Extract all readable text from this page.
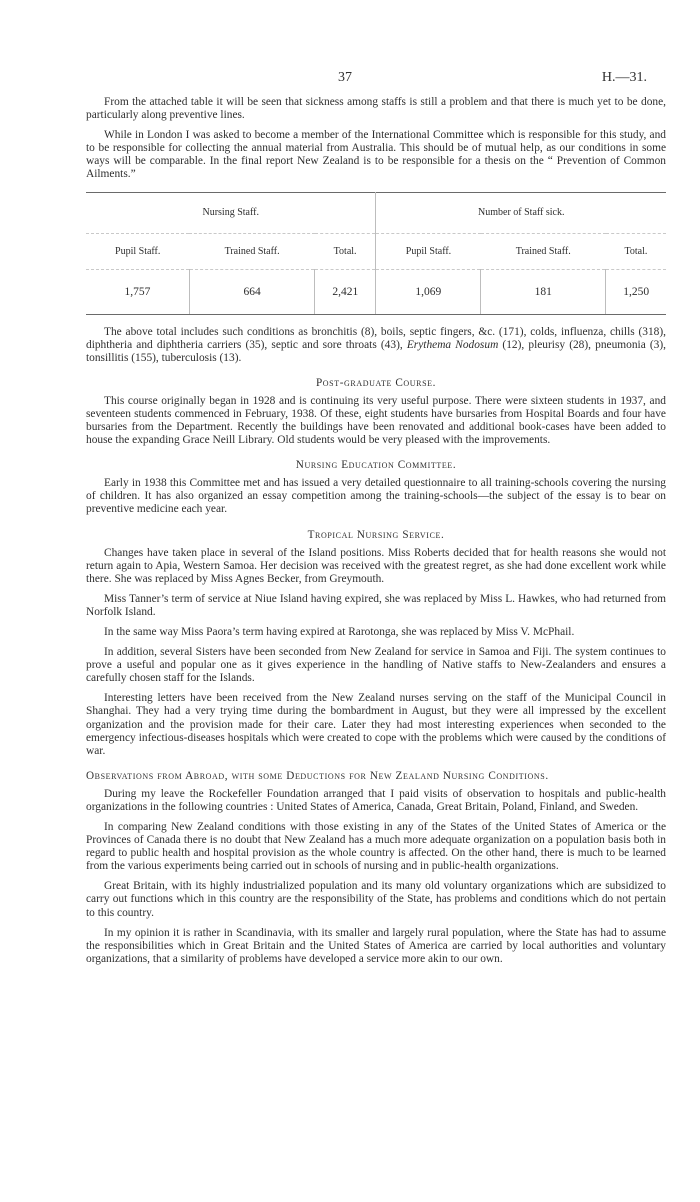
37	H.—31.

From the attached table it will be seen that sickness among staffs is still a problem and that there is much yet to be done, particularly along preventive lines.

While in London I was asked to become a member of the International Committee which is responsible for this study, and to be responsible for collecting the annual material from Australia. This should be of mutual help, as our conditions in some ways will be comparable. In the final report New Zealand is to be responsible for a thesis on the “ Prevention of Common Ailments.”

Nursing Staff.			Number of Staff sick.		
Pupil Staff.	Trained Staff.	Total.	Pupil Staff.	Trained Staff.	Total.
1,757	664	2,421	1,069	181	1,250

The above total includes such conditions as bronchitis (8), boils, septic fingers, &c. (171), colds, influenza, chills (318), diphtheria and diphtheria carriers (35), septic and sore throats (43), Erythema Nodosum (12), pleurisy (28), pneumonia (3), tonsillitis (155), tuberculosis (13).

Post-graduate Course.

This course originally began in 1928 and is continuing its very useful purpose. There were sixteen students in 1937, and seventeen students commenced in February, 1938. Of these, eight students have bursaries from Hospital Boards and four have bursaries from the Department. Recently the buildings have been renovated and additional book-cases have been added to house the expanding Grace Neill Library. Old students would be very pleased with the improvements.

Nursing Education Committee.

Early in 1938 this Committee met and has issued a very detailed questionnaire to all training-schools covering the nursing of children. It has also organized an essay competition among the training-schools—the subject of the essay is to bear on preventive medicine each year.

Tropical Nursing Service.

Changes have taken place in several of the Island positions. Miss Roberts decided that for health reasons she would not return again to Apia, Western Samoa. Her decision was received with the greatest regret, as she had done excellent work while there. She was replaced by Miss Agnes Becker, from Greymouth.

Miss Tanner’s term of service at Niue Island having expired, she was replaced by Miss L. Hawkes, who had returned from Norfolk Island.

In the same way Miss Paora’s term having expired at Rarotonga, she was replaced by Miss V. McPhail.

In addition, several Sisters have been seconded from New Zealand for service in Samoa and Fiji. The system continues to prove a useful and popular one as it gives experience in the handling of Native staffs to New-Zealanders and ensures a carefully chosen staff for the Islands.

Interesting letters have been received from the New Zealand nurses serving on the staff of the Municipal Council in Shanghai. They had a very trying time during the bombardment in August, but they were all impressed by the excellent organization and the provision made for their care. Later they had most interesting experiences when seconded to the emergency infectious-diseases hospitals which were created to cope with the problems which were caused by the conditions of war.

Observations from Abroad, with some Deductions for New Zealand Nursing Conditions.

During my leave the Rockefeller Foundation arranged that I paid visits of observation to hospitals and public-health organizations in the following countries : United States of America, Canada, Great Britain, Poland, Finland, and Sweden.

In comparing New Zealand conditions with those existing in any of the States of the United States of America or the Provinces of Canada there is no doubt that New Zealand has a much more adequate organization on a population basis both in regard to public health and hospital provision as the whole country is affected. On the other hand, there is much to be learned from the various experiments being carried out in schools of nursing and in public-health organizations.

Great Britain, with its highly industrialized population and its many old voluntary organizations which are subsidized to carry out functions which in this country are the responsibility of the State, has problems and conditions which do not pertain to this country.

In my opinion it is rather in Scandinavia, with its smaller and largely rural population, where the State has had to assume the responsibilities which in Great Britain and the United States of America are carried by local authorities and voluntary organizations, that a similarity of problems have developed a service more akin to our own.
